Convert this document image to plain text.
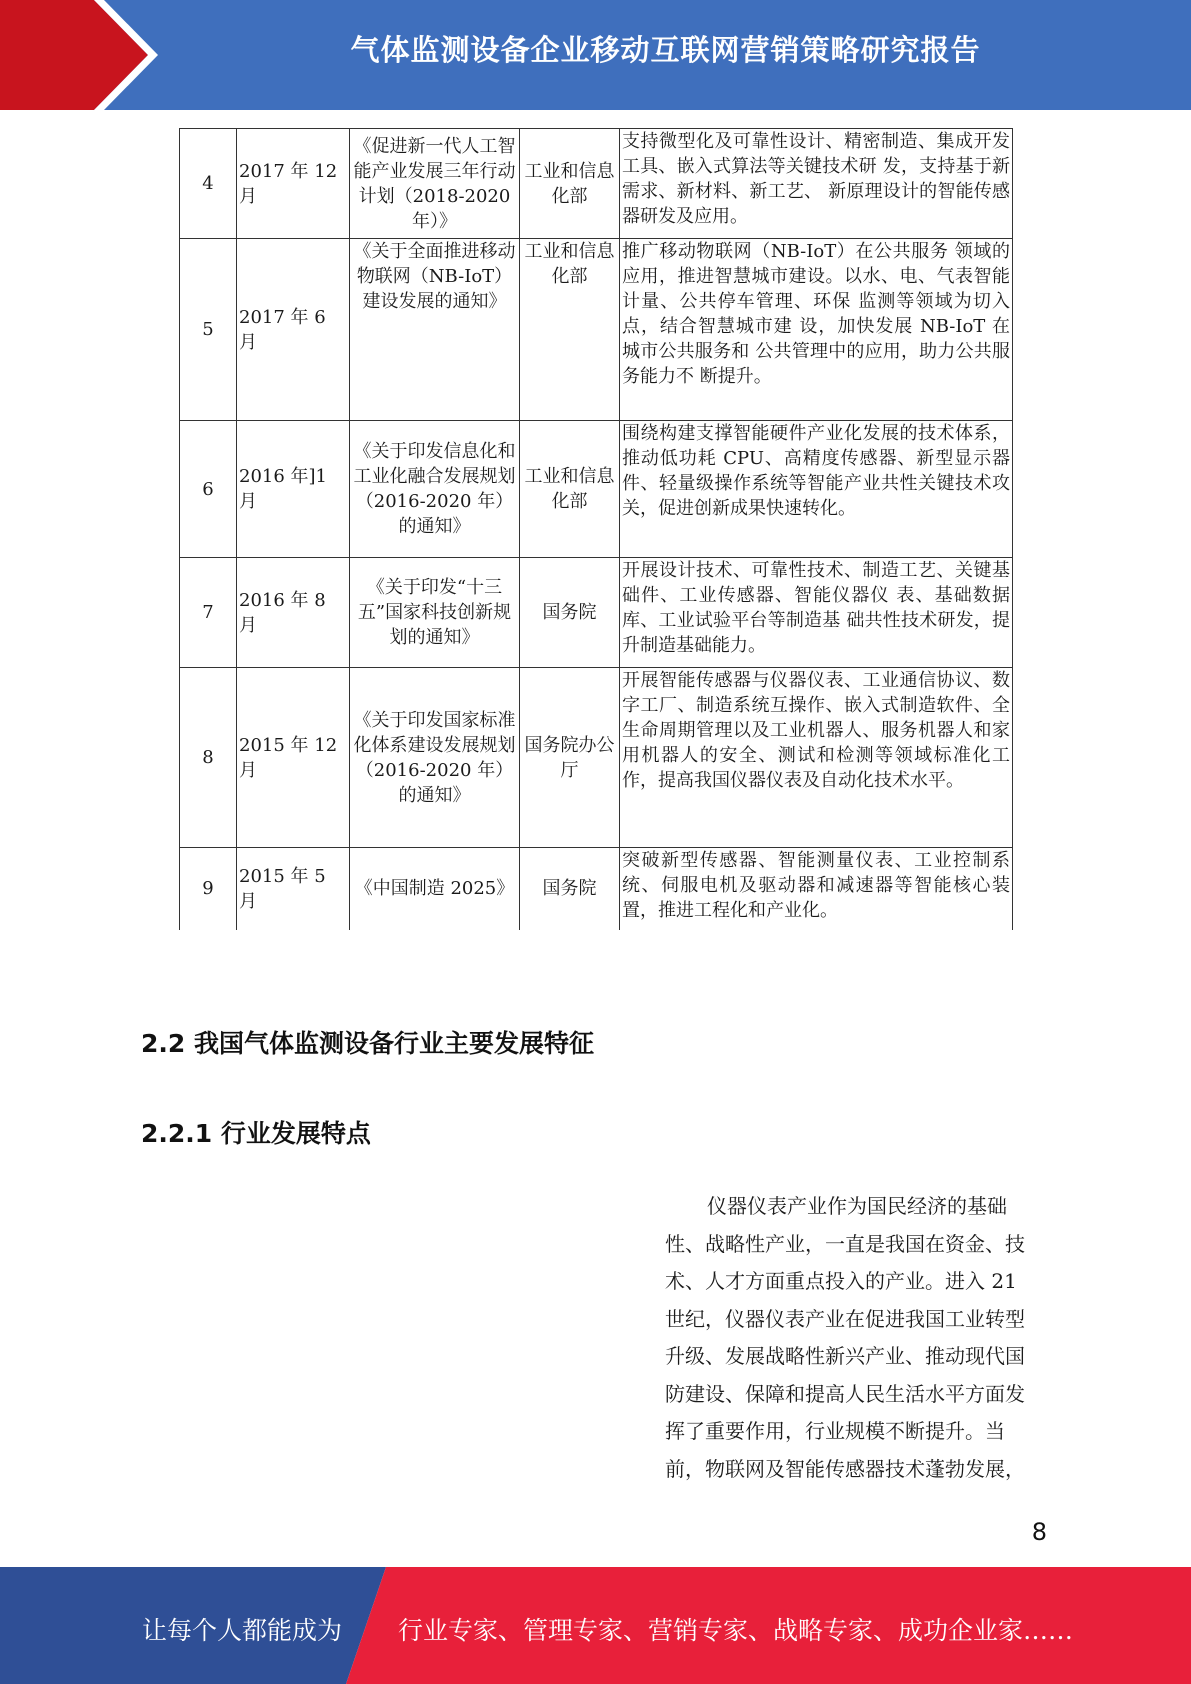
气体监测设备企业移动互联网营销策略研究报告
4	2017 年 12 月	《促进新一代人工智能产业发展三年行动计划（2018-2020 年）》	工业和信息化部	支持微型化及可靠性设计、精密制造、集成开发工具、嵌入式算法等关键技术研 发，支持基于新需求、新材料、新工艺、 新原理设计的智能传感器研发及应用。
5	2017 年 6 月	《关于全面推进移动物联网（NB-IoT）建设发展的通知》	工业和信息化部	推广移动物联网（NB-IoT）在公共服务 领域的应用，推进智慧城市建设。以水、电、气表智能计量、公共停车管理、环保 监测等领域为切入点，结合智慧城市建 设，加快发展 NB-IoT 在城市公共服务和 公共管理中的应用，助力公共服务能力不 断提升。
6	2016 年]1 月	《关于印发信息化和工业化融合发展规划（2016-2020 年）的通知》	工业和信息化部	围绕构建支撑智能硬件产业化发展的技术体系，推动低功耗 CPU、高精度传感器、新型显示器件、轻量级操作系统等智能产业共性关键技术攻关，促进创新成果快速转化。
7	2016 年 8 月	《关于印发“十三五”国家科技创新规划的通知》	国务院	开展设计技术、可靠性技术、制造工艺、关键基础件、工业传感器、智能仪器仪 表、基础数据库、工业试验平台等制造基 础共性技术研发，提升制造基础能力。
8	2015 年 12 月	《关于印发国家标准化体系建设发展规划（2016-2020 年）的通知》	国务院办公厅	开展智能传感器与仪器仪表、工业通信协议、数字工厂、制造系统互操作、嵌入式制造软件、全生命周期管理以及工业机器人、服务机器人和家用机器人的安全、测试和检测等领域标准化工作，提高我国仪器仪表及自动化技术水平。
9	2015 年 5 月	《中国制造 2025》	国务院	突破新型传感器、智能测量仪表、工业控制系统、伺服电机及驱动器和减速器等智能核心装置，推进工程化和产业化。
2.2 我国气体监测设备行业主要发展特征
2.2.1 行业发展特点
仪器仪表产业作为国民经济的基础
性、战略性产业，一直是我国在资金、技
术、人才方面重点投入的产业。进入 21
世纪，仪器仪表产业在促进我国工业转型
升级、发展战略性新兴产业、推动现代国
防建设、保障和提高人民生活水平方面发
挥了重要作用，行业规模不断提升。当
前，物联网及智能传感器技术蓬勃发展，
8
让每个人都能成为 行业专家、管理专家、营销专家、战略专家、成功企业家……
